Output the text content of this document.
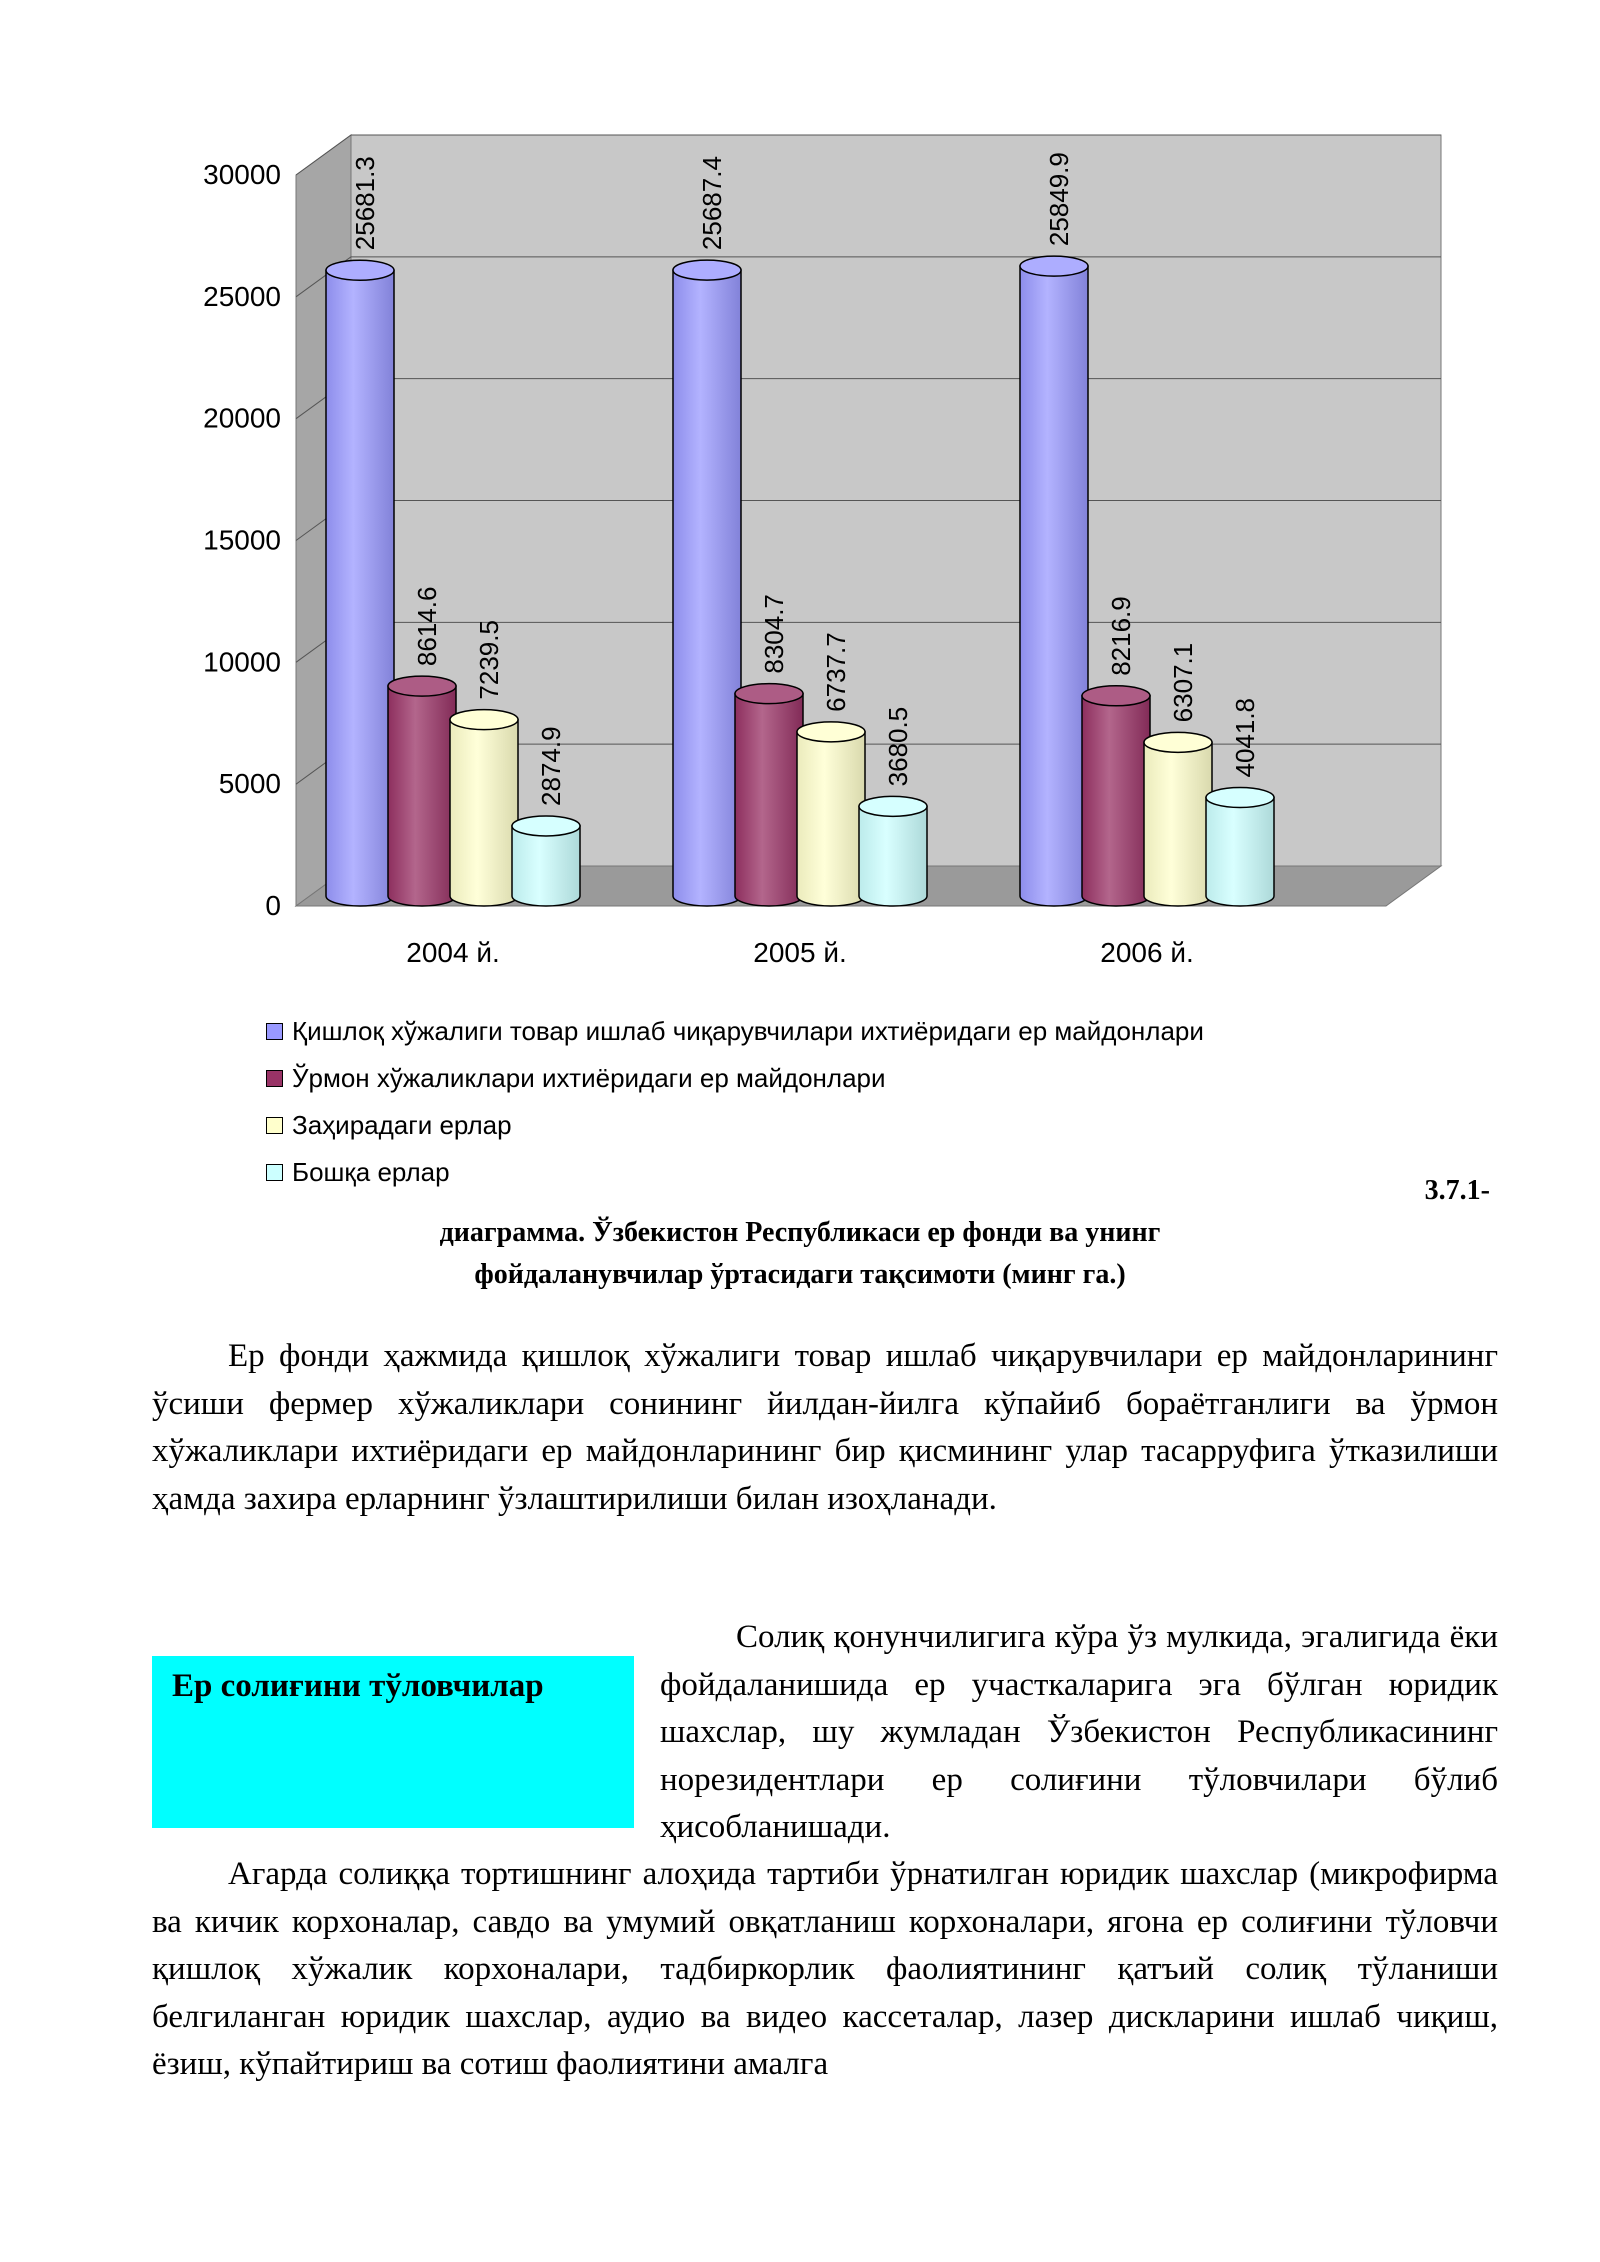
25681.3
8614.6 7239.5
2874.9
25687.4
8304.7 6737.7
3680.5
25849.9
8216.9
6307.1
4041.8
0
5000
10000
15000
20000
25000
30000
2004 й.	2005 й.	2006 й.
Қишлоқ хўжалиги товар ишлаб чиқарувчилари ихтиёридаги ер майдонлари
Ўрмон хўжаликлари ихтиёридаги ер майдонлари
Заҳирадаги ерлар
Бошқа ерлар
3.7.1-
диаграмма. Ўзбекистон Республикаси ер фонди ва унинг
фойдаланувчилар ўртасидаги тақсимоти (минг га.)
Ер фонди ҳажмида қишлоқ хўжалиги товар ишлаб чиқарувчилари ер майдонларининг ўсиши фермер хўжаликлари сонининг йилдан-йилга кўпайиб бораётганлиги ва ўрмон хўжаликлари ихтиёридаги ер майдонларининг бир қисмининг улар тасарруфига ўтказилиши ҳамда захира ерларнинг ўзлаштирилиши билан изоҳланади.
Ер солиғини тўловчилар
Солиқ қонунчилигига кўра ўз мулкида, эгалигида ёки фойдаланишида ер участкаларига эга бўлган юридик шахслар, шу жумладан Ўзбекистон Республикасининг норезидентлари ер солиғини тўловчилари бўлиб ҳисобланишади.
Агарда солиққа тортишнинг алоҳида тартиби ўрнатилган юридик шахслар (микрофирма ва кичик корхоналар, савдо ва умумий овқатланиш корхоналари, ягона ер солиғини тўловчи қишлоқ хўжалик корхоналари, тадбиркорлик фаолиятининг қатъий солиқ тўланиши белгиланган юридик шахслар, аудио ва видео кассеталар, лазер дискларини ишлаб чиқиш, ёзиш, кўпайтириш ва сотиш фаолиятини амалга
